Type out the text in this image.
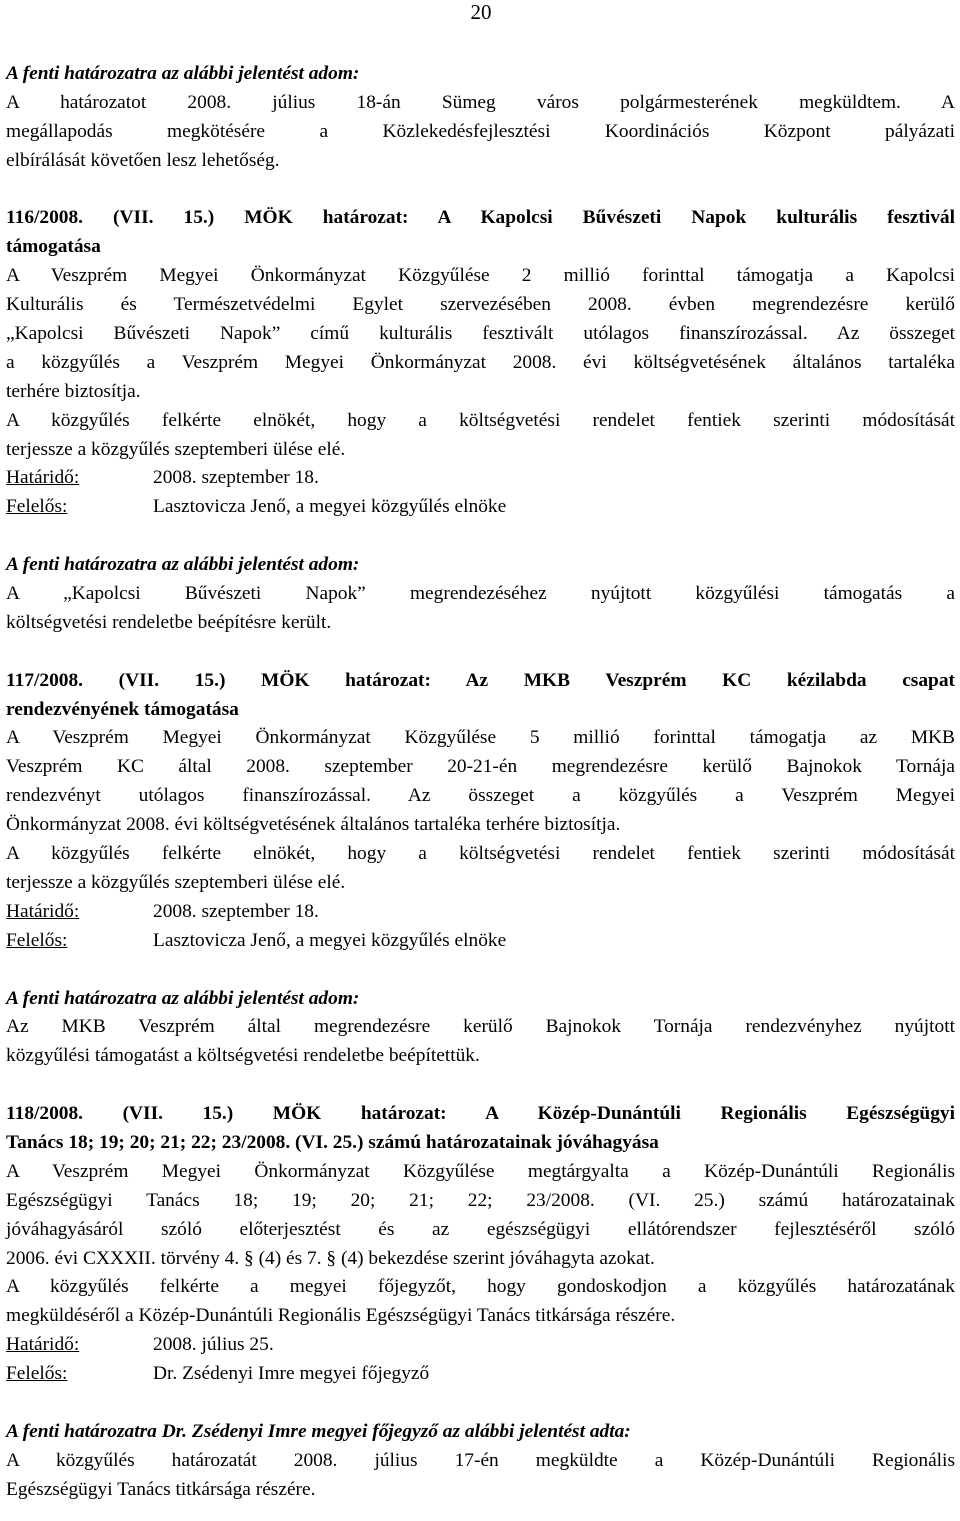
20
A fenti határozatra az alábbi jelentést adom:
A határozatot 2008. július 18-án Sümeg város polgármesterének megküldtem. A
megállapodás megkötésére a Közlekedésfejlesztési Koordinációs Központ pályázati
elbírálását követően lesz lehetőség.
116/2008. (VII. 15.) MÖK határozat: A Kapolcsi Bűvészeti Napok kulturális fesztivál
támogatása
A Veszprém Megyei Önkormányzat Közgyűlése 2 millió forinttal támogatja a Kapolcsi
Kulturális és Természetvédelmi Egylet szervezésében 2008. évben megrendezésre kerülő
„Kapolcsi Bűvészeti Napok” című kulturális fesztivált utólagos finanszírozással. Az összeget
a közgyűlés a Veszprém Megyei Önkormányzat 2008. évi költségvetésének általános tartaléka
terhére biztosítja.
A közgyűlés felkérte elnökét, hogy a költségvetési rendelet fentiek szerinti módosítását
terjessze a közgyűlés szeptemberi ülése elé.
Határidő:	2008. szeptember 18.
Felelős:	Lasztovicza Jenő, a megyei közgyűlés elnöke
A fenti határozatra az alábbi jelentést adom:
A „Kapolcsi Bűvészeti Napok” megrendezéséhez nyújtott közgyűlési támogatás a
költségvetési rendeletbe beépítésre került.
117/2008. (VII. 15.) MÖK határozat: Az MKB Veszprém KC kézilabda csapat
rendezvényének támogatása
A Veszprém Megyei Önkormányzat Közgyűlése 5 millió forinttal támogatja az MKB
Veszprém KC által 2008. szeptember 20-21-én megrendezésre kerülő Bajnokok Tornája
rendezvényt utólagos finanszírozással. Az összeget a közgyűlés a Veszprém Megyei
Önkormányzat 2008. évi költségvetésének általános tartaléka terhére biztosítja.
A közgyűlés felkérte elnökét, hogy a költségvetési rendelet fentiek szerinti módosítását
terjessze a közgyűlés szeptemberi ülése elé.
Határidő:	2008. szeptember 18.
Felelős:	Lasztovicza Jenő, a megyei közgyűlés elnöke
A fenti határozatra az alábbi jelentést adom:
Az MKB Veszprém által megrendezésre kerülő Bajnokok Tornája rendezvényhez nyújtott
közgyűlési támogatást a költségvetési rendeletbe beépítettük.
118/2008. (VII. 15.) MÖK határozat: A Közép-Dunántúli Regionális Egészségügyi
Tanács 18; 19; 20; 21; 22; 23/2008. (VI. 25.) számú határozatainak jóváhagyása
A Veszprém Megyei Önkormányzat Közgyűlése megtárgyalta a Közép-Dunántúli Regionális
Egészségügyi Tanács 18; 19; 20; 21; 22; 23/2008. (VI. 25.) számú határozatainak
jóváhagyásáról szóló előterjesztést és az egészségügyi ellátórendszer fejlesztéséről szóló
2006. évi CXXXII. törvény 4. § (4) és 7. § (4) bekezdése szerint jóváhagyta azokat.
A közgyűlés felkérte a megyei főjegyzőt, hogy gondoskodjon a közgyűlés határozatának
megküldéséről a Közép-Dunántúli Regionális Egészségügyi Tanács titkársága részére.
Határidő:	2008. július 25.
Felelős:	Dr. Zsédenyi Imre megyei főjegyző
A fenti határozatra Dr. Zsédenyi Imre megyei főjegyző az alábbi jelentést adta:
A közgyűlés határozatát 2008. július 17-én megküldte a Közép-Dunántúli Regionális
Egészségügyi Tanács titkársága részére.
